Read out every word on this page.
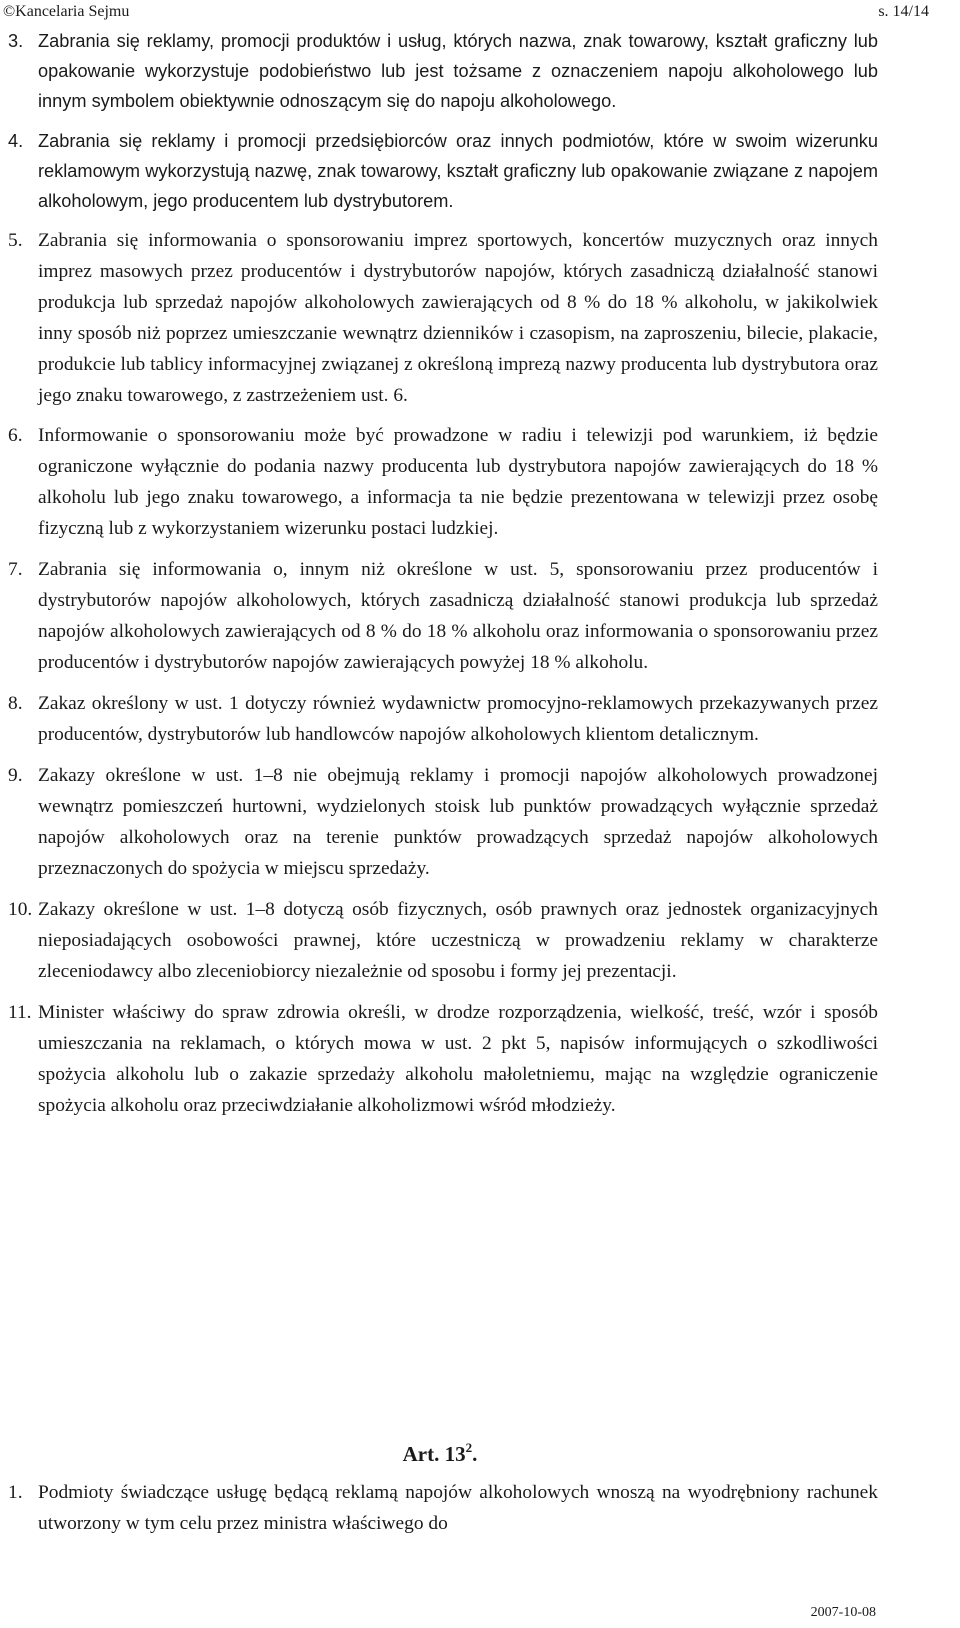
©Kancelaria Sejmu	s. 14/14
3. Zabrania się reklamy, promocji produktów i usług, których nazwa, znak towarowy, kształt graficzny lub opakowanie wykorzystuje podobieństwo lub jest tożsame z oznaczeniem napoju alkoholowego lub innym symbolem obiektywnie odnoszącym się do napoju alkoholowego.
4. Zabrania się reklamy i promocji przedsiębiorców oraz innych podmiotów, które w swoim wizerunku reklamowym wykorzystują nazwę, znak towarowy, kształt graficzny lub opakowanie związane z napojem alkoholowym, jego producentem lub dystrybutorem.
5. Zabrania się informowania o sponsorowaniu imprez sportowych, koncertów muzycznych oraz innych imprez masowych przez producentów i dystrybutorów napojów, których zasadniczą działalność stanowi produkcja lub sprzedaż napojów alkoholowych zawierających od 8 % do 18 % alkoholu, w jakikolwiek inny sposób niż poprzez umieszczanie wewnątrz dzienników i czasopism, na zaproszeniu, bilecie, plakacie, produkcie lub tablicy informacyjnej związanej z określoną imprezą nazwy producenta lub dystrybutora oraz jego znaku towarowego, z zastrzeżeniem ust. 6.
6. Informowanie o sponsorowaniu może być prowadzone w radiu i telewizji pod warunkiem, iż będzie ograniczone wyłącznie do podania nazwy producenta lub dystrybutora napojów zawierających do 18 % alkoholu lub jego znaku towarowego, a informacja ta nie będzie prezentowana w telewizji przez osobę fizyczną lub z wykorzystaniem wizerunku postaci ludzkiej.
7. Zabrania się informowania o, innym niż określone w ust. 5, sponsorowaniu przez producentów i dystrybutorów napojów alkoholowych, których zasadniczą działalność stanowi produkcja lub sprzedaż napojów alkoholowych zawierających od 8 % do 18 % alkoholu oraz informowania o sponsorowaniu przez producentów i dystrybutorów napojów zawierających powyżej 18 % alkoholu.
8. Zakaz określony w ust. 1 dotyczy również wydawnictw promocyjno-reklamowych przekazywanych przez producentów, dystrybutorów lub handlowców napojów alkoholowych klientom detalicznym.
9. Zakazy określone w ust. 1–8 nie obejmują reklamy i promocji napojów alkoholowych prowadzonej wewnątrz pomieszczeń hurtowni, wydzielonych stoisk lub punktów prowadzących wyłącznie sprzedaż napojów alkoholowych oraz na terenie punktów prowadzących sprzedaż napojów alkoholowych przeznaczonych do spożycia w miejscu sprzedaży.
10. Zakazy określone w ust. 1–8 dotyczą osób fizycznych, osób prawnych oraz jednostek organizacyjnych nieposiadających osobowości prawnej, które uczestniczą w prowadzeniu reklamy w charakterze zleceniodawcy albo zleceniobiorcy niezależnie od sposobu i formy jej prezentacji.
11. Minister właściwy do spraw zdrowia określi, w drodze rozporządzenia, wielkość, treść, wzór i sposób umieszczania na reklamach, o których mowa w ust. 2 pkt 5, napisów informujących o szkodliwości spożycia alkoholu lub o zakazie sprzedaży alkoholu małoletniemu, mając na względzie ograniczenie spożycia alkoholu oraz przeciwdziałanie alkoholizmowi wśród młodzieży.
Art. $13^2$.
1. Podmioty świadczące usługę będącą reklamą napojów alkoholowych wnoszą na wyodrębniony rachunek utworzony w tym celu przez ministra właściwego do
2007-10-08
